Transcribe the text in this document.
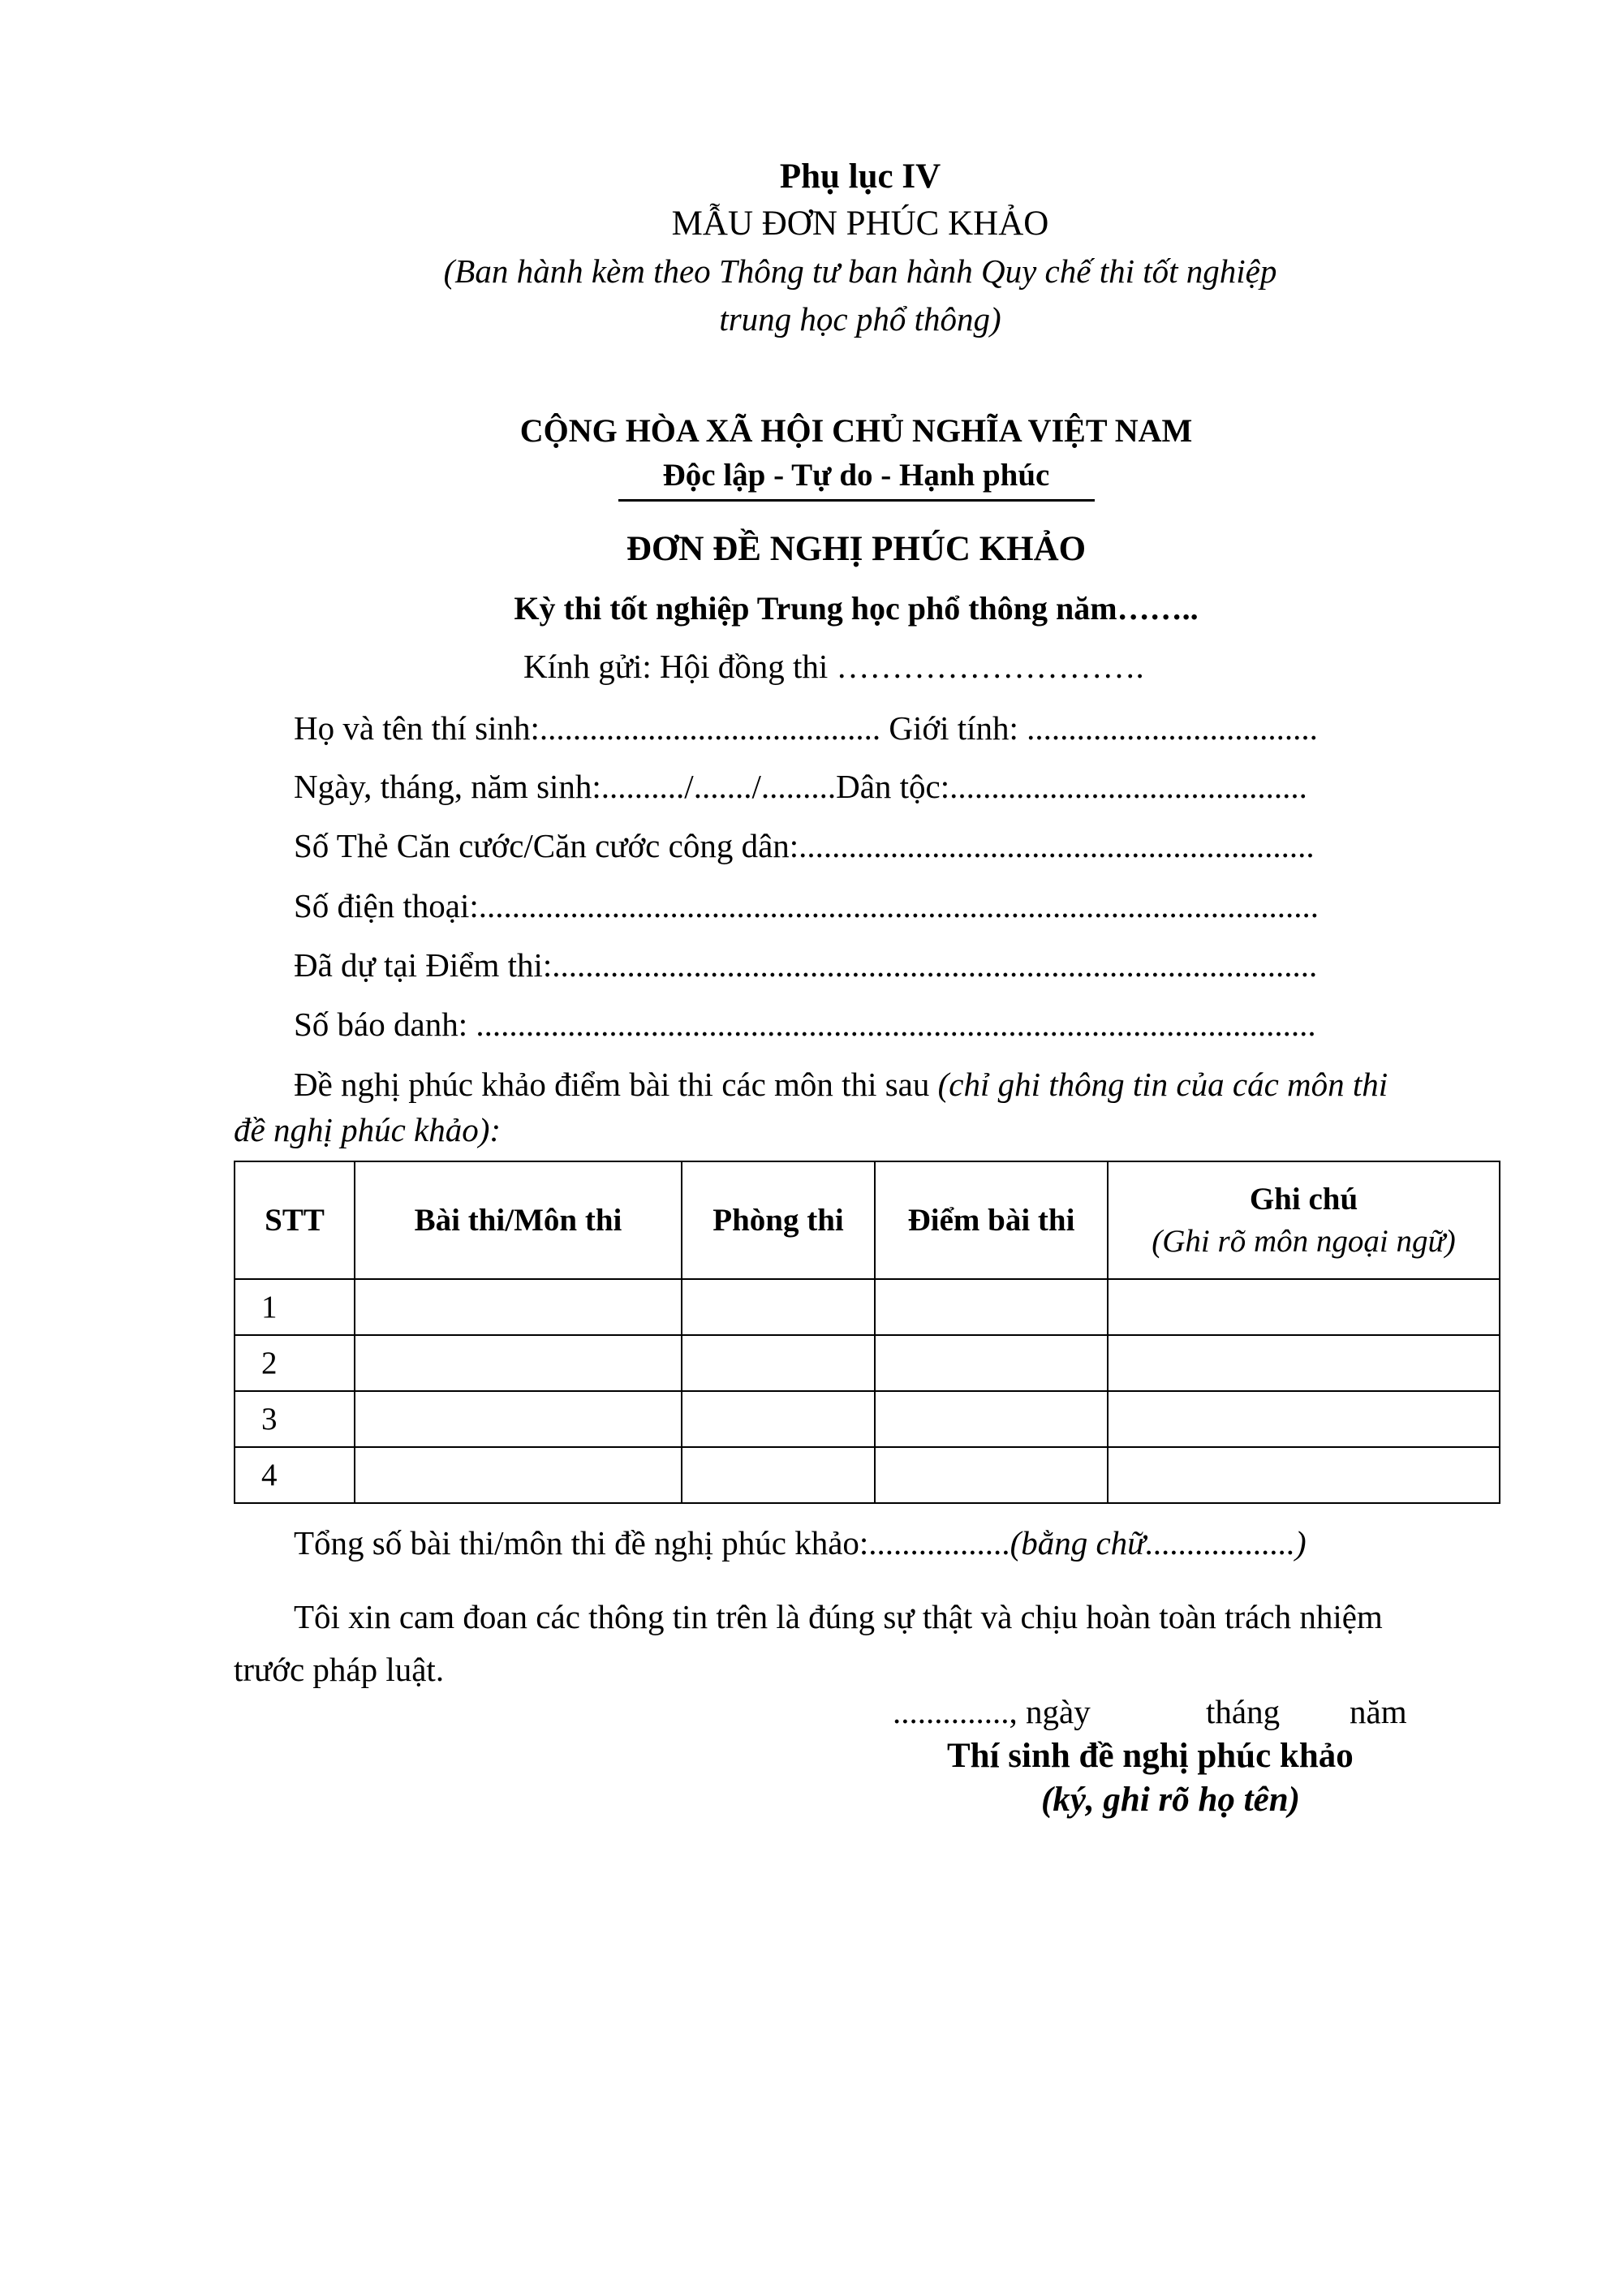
Phụ lục IV
MẪU ĐƠN PHÚC KHẢO
(Ban hành kèm theo Thông tư ban hành Quy chế thi tốt nghiệp
trung học phổ thông)
CỘNG HÒA XÃ HỘI CHỦ NGHĨA VIỆT NAM
Độc lập - Tự do - Hạnh phúc
ĐƠN ĐỀ NGHỊ PHÚC KHẢO
Kỳ thi tốt nghiệp Trung học phổ thông năm……..
Kính gửi: Hội đồng thi ……………………….
Họ và tên thí sinh:......................................... Giới tính: ...................................
Ngày, tháng, năm sinh:........../......./.........Dân tộc:...........................................
Số Thẻ Căn cước/Căn cước công dân:..............................................................
Số điện thoại:.....................................................................................................
Đã dự tại Điểm thi:............................................................................................
Số báo danh: .....................................................................................................
Đề nghị phúc khảo điểm bài thi các môn thi sau (chỉ ghi thông tin của các môn thi
đề nghị phúc khảo):
STT	Bài thi/Môn thi	Phòng thi	Điểm bài thi	Ghi chú
(Ghi rõ môn ngoại ngữ)

1				
2				
3				
4				
Tổng số bài thi/môn thi đề nghị phúc khảo:.................(bằng chữ..................)
Tôi xin cam đoan các thông tin trên là đúng sự thật và chịu hoàn toàn trách nhiệm
trước pháp luật.
.............., ngày	tháng năm
Thí sinh đề nghị phúc khảo
(ký, ghi rõ họ tên)
